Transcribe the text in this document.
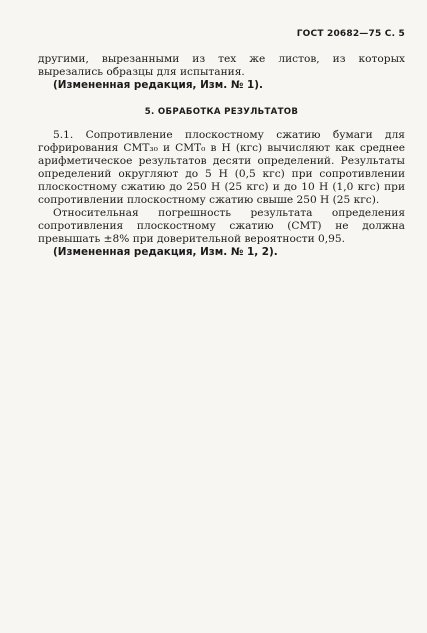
ГОСТ 20682—75 С. 5

другими, вырезанными из тех же листов, из которых вырезались образцы для испытания.

(Измененная редакция, Изм. № 1).

5. ОБРАБОТКА РЕЗУЛЬТАТОВ

5.1. Сопротивление плоскостному сжатию бумаги для гофрирования CMT₃₀ и CMT₀ в Н (кгс) вычисляют как среднее арифметическое результатов десяти определений. Результаты определений округляют до 5 Н (0,5 кгс) при сопротивлении плоскостному сжатию до 250 Н (25 кгс) и до 10 Н (1,0 кгс) при сопротивлении плоскостному сжатию свыше 250 Н (25 кгс).

Относительная погрешность результата определения сопротивления плоскостному сжатию (CMT) не должна превышать ±8% при доверительной вероятности 0,95.

(Измененная редакция, Изм. № 1, 2).
